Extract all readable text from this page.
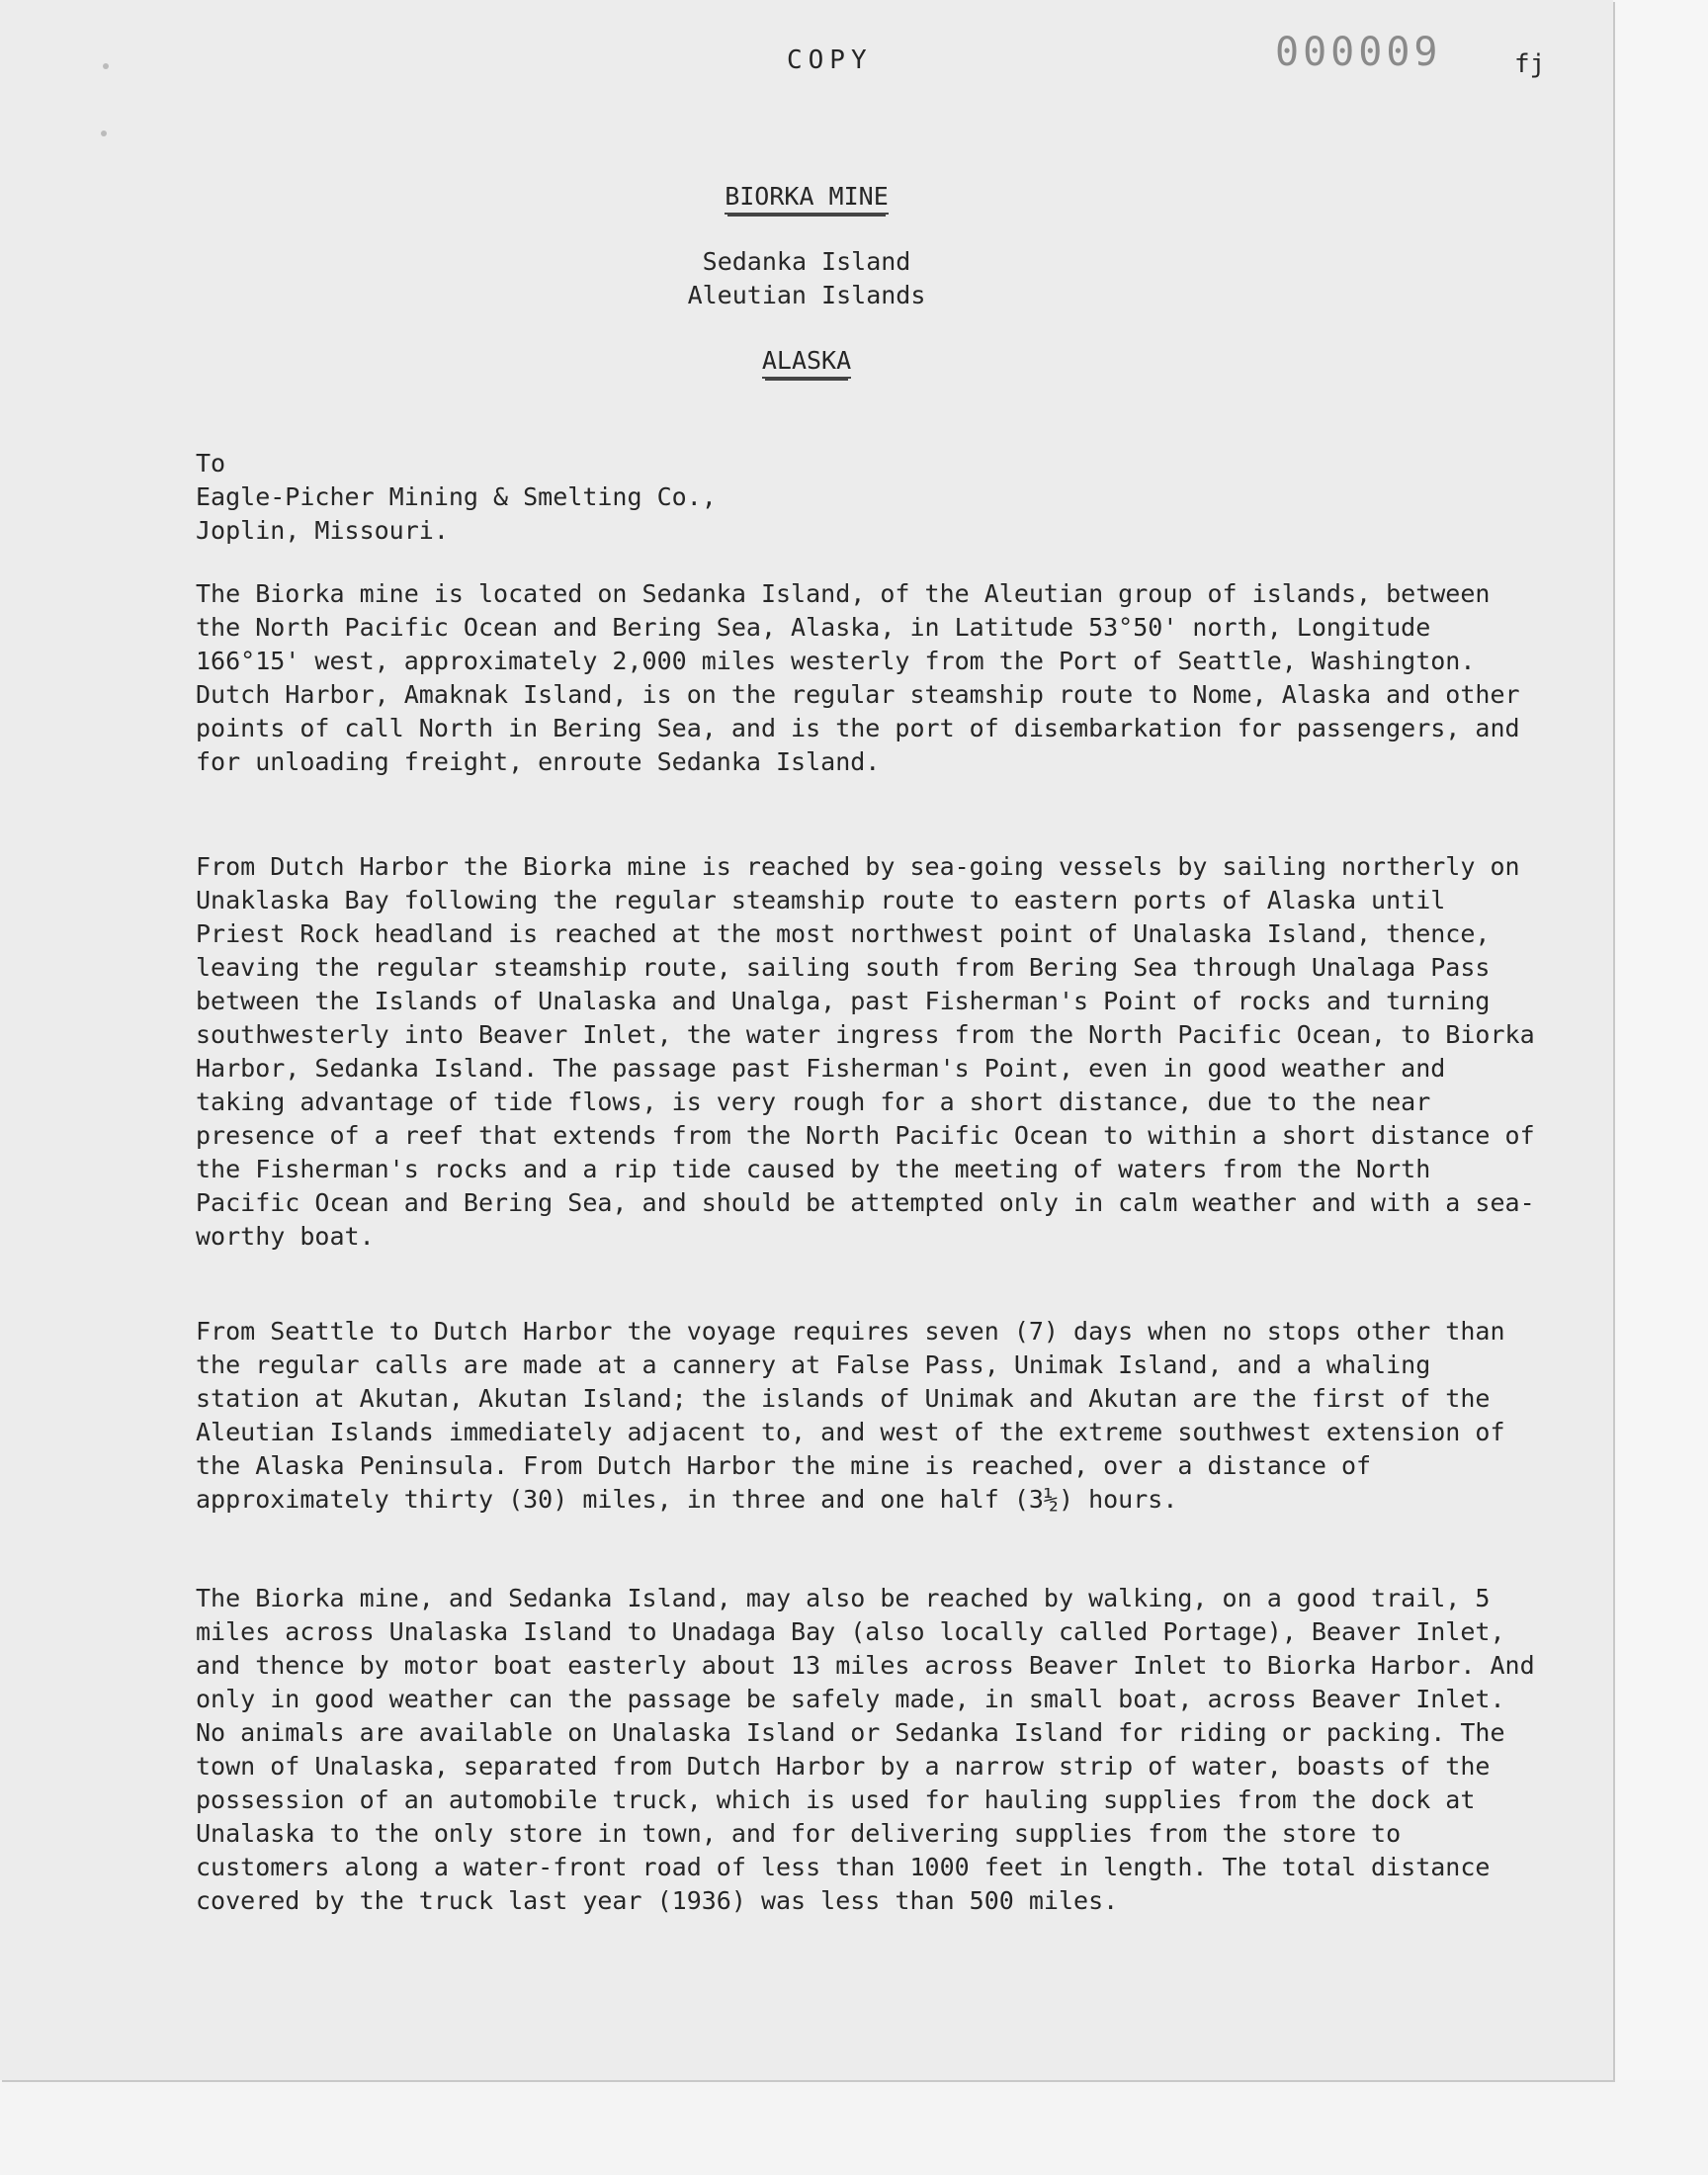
COPY	000009	fj
BIORKA MINE
Sedanka Island
Aleutian Islands
ALASKA
To
Eagle-Picher Mining & Smelting Co.,
Joplin, Missouri.

The Biorka mine is located on Sedanka Island, of the Aleutian group of islands, between the North Pacific Ocean and Bering Sea, Alaska, in Latitude 53°50' north, Longitude 166°15' west, approximately 2,000 miles westerly from the Port of Seattle, Washington. Dutch Harbor, Amaknak Island, is on the regular steamship route to Nome, Alaska and other points of call North in Bering Sea, and is the port of disembarkation for passengers, and for unloading freight, enroute Sedanka Island.

From Dutch Harbor the Biorka mine is reached by sea-going vessels by sailing northerly on Unaklaska Bay following the regular steamship route to eastern ports of Alaska until Priest Rock headland is reached at the most northwest point of Unalaska Island, thence, leaving the regular steamship route, sailing south from Bering Sea through Unalaga Pass between the Islands of Unalaska and Unalga, past Fisherman's Point of rocks and turning southwesterly into Beaver Inlet, the water ingress from the North Pacific Ocean, to Biorka Harbor, Sedanka Island. The passage past Fisherman's Point, even in good weather and taking advantage of tide flows, is very rough for a short distance, due to the near presence of a reef that extends from the North Pacific Ocean to within a short distance of the Fisherman's rocks and a rip tide caused by the meeting of waters from the North Pacific Ocean and Bering Sea, and should be attempted only in calm weather and with a sea-worthy boat.

From Seattle to Dutch Harbor the voyage requires seven (7) days when no stops other than the regular calls are made at a cannery at False Pass, Unimak Island, and a whaling station at Akutan, Akutan Island; the islands of Unimak and Akutan are the first of the Aleutian Islands immediately adjacent to, and west of the extreme southwest extension of the Alaska Peninsula. From Dutch Harbor the mine is reached, over a distance of approximately thirty (30) miles, in three and one half (3½) hours.

The Biorka mine, and Sedanka Island, may also be reached by walking, on a good trail, 5 miles across Unalaska Island to Unadaga Bay (also locally called Portage), Beaver Inlet, and thence by motor boat easterly about 13 miles across Beaver Inlet to Biorka Harbor. And only in good weather can the passage be safely made, in small boat, across Beaver Inlet. No animals are available on Unalaska Island or Sedanka Island for riding or packing. The town of Unalaska, separated from Dutch Harbor by a narrow strip of water, boasts of the possession of an automobile truck, which is used for hauling supplies from the dock at Unalaska to the only store in town, and for delivering supplies from the store to customers along a water-front road of less than 1000 feet in length. The total distance covered by the truck last year (1936) was less than 500 miles.
